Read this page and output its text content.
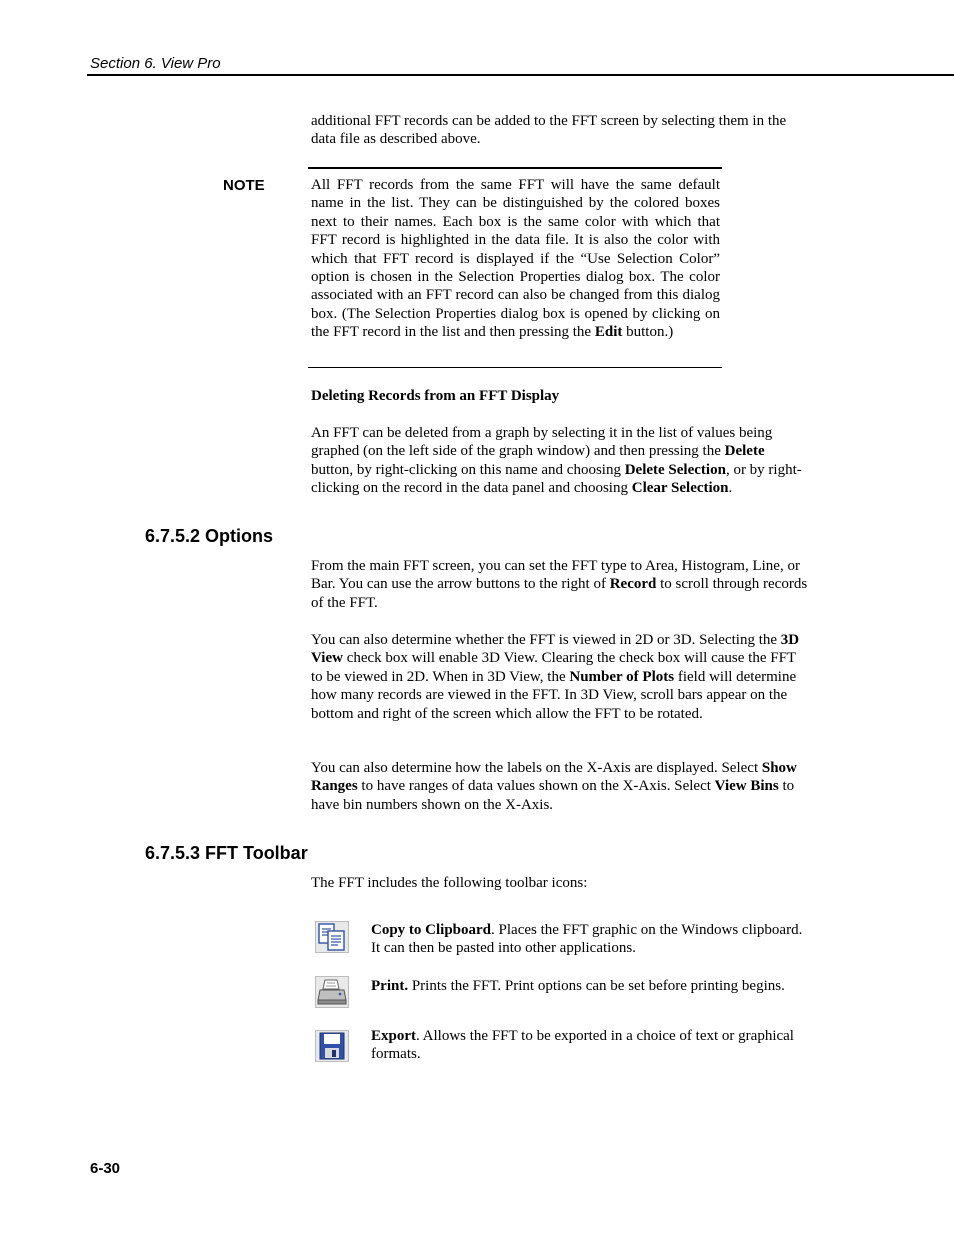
Section 6. View Pro

additional FFT records can be added to the FFT screen by selecting them in the data file as described above.

NOTE	All FFT records from the same FFT will have the same default name in the list. They can be distinguished by the colored boxes next to their names. Each box is the same color with which that FFT record is highlighted in the data file. It is also the color with which that FFT record is displayed if the “Use Selection Color” option is chosen in the Selection Properties dialog box. The color associated with an FFT record can also be changed from this dialog box. (The Selection Properties dialog box is opened by clicking on the FFT record in the list and then pressing the Edit button.)

Deleting Records from an FFT Display

An FFT can be deleted from a graph by selecting it in the list of values being graphed (on the left side of the graph window) and then pressing the Delete button, by right-clicking on this name and choosing Delete Selection, or by right-clicking on the record in the data panel and choosing Clear Selection.

6.7.5.2 Options

From the main FFT screen, you can set the FFT type to Area, Histogram, Line, or Bar. You can use the arrow buttons to the right of Record to scroll through records of the FFT.

You can also determine whether the FFT is viewed in 2D or 3D. Selecting the 3D View check box will enable 3D View. Clearing the check box will cause the FFT to be viewed in 2D. When in 3D View, the Number of Plots field will determine how many records are viewed in the FFT. In 3D View, scroll bars appear on the bottom and right of the screen which allow the FFT to be rotated.

You can also determine how the labels on the X-Axis are displayed. Select Show Ranges to have ranges of data values shown on the X-Axis. Select View Bins to have bin numbers shown on the X-Axis.

6.7.5.3 FFT Toolbar

The FFT includes the following toolbar icons:

Copy to Clipboard. Places the FFT graphic on the Windows clipboard. It can then be pasted into other applications.

Print. Prints the FFT. Print options can be set before printing begins.

Export. Allows the FFT to be exported in a choice of text or graphical formats.

6-30
